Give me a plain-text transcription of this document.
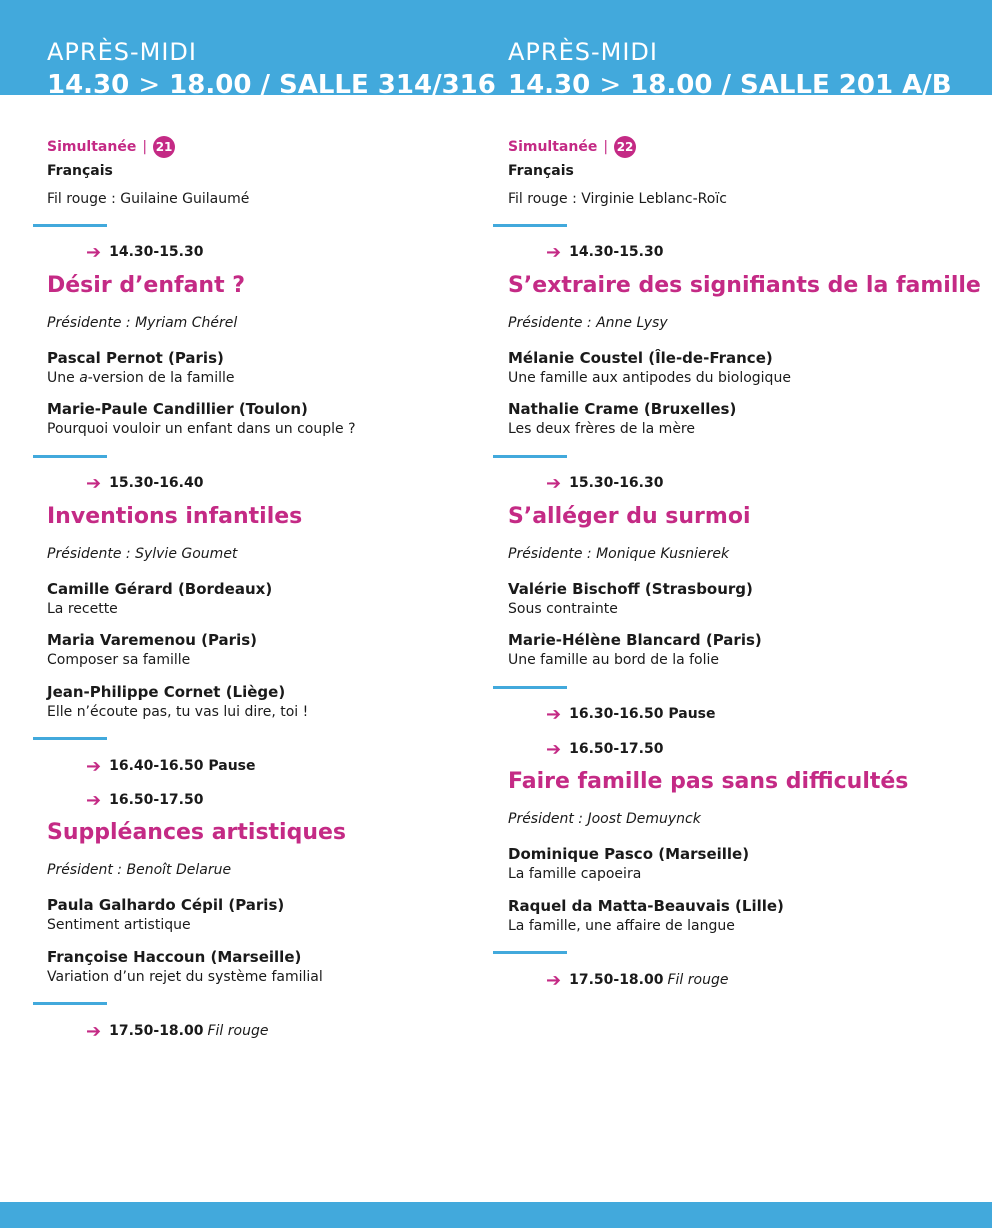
APRÈS-MIDI
14.30 > 18.00 / SALLE 314/316
APRÈS-MIDI
14.30 > 18.00 / SALLE 201 A/B
Simultanée | 21
Français
Fil rouge : Guilaine Guilaumé
Simultanée | 22
Français
Fil rouge : Virginie Leblanc-Roïc
➔ 14.30-15.30
Désir d’enfant ?
Présidente : Myriam Chérel
Pascal Pernot (Paris)
Une a-version de la famille
Marie-Paule Candillier (Toulon)
Pourquoi vouloir un enfant dans un couple ?
➔ 15.30-16.40
Inventions infantiles
Présidente : Sylvie Goumet
Camille Gérard (Bordeaux)
La recette
Maria Varemenou (Paris)
Composer sa famille
Jean-Philippe Cornet (Liège)
Elle n’écoute pas, tu vas lui dire, toi !
➔ 16.40-16.50
Pause
➔ 16.50-17.50
Suppléances artistiques
Président : Benoît Delarue
Paula Galhardo Cépil (Paris)
Sentiment artistique
Françoise Haccoun (Marseille)
Variation d’un rejet du système familial
➔ 17.50-18.00 Fil rouge
➔ 14.30-15.30
S’extraire des signifiants de la famille
Présidente : Anne Lysy
Mélanie Coustel (Île-de-France)
Une famille aux antipodes du biologique
Nathalie Crame (Bruxelles)
Les deux frères de la mère
➔ 15.30-16.30
S’alléger du surmoi
Présidente : Monique Kusnierek
Valérie Bischoff (Strasbourg)
Sous contrainte
Marie-Hélène Blancard (Paris)
Une famille au bord de la folie
➔ 16.30-16.50
Pause
➔ 16.50-17.50
Faire famille pas sans difficultés
Président : Joost Demuynck
Dominique Pasco (Marseille)
La famille capoeira
Raquel da Matta-Beauvais (Lille)
La famille, une affaire de langue
➔ 17.50-18.00 Fil rouge
